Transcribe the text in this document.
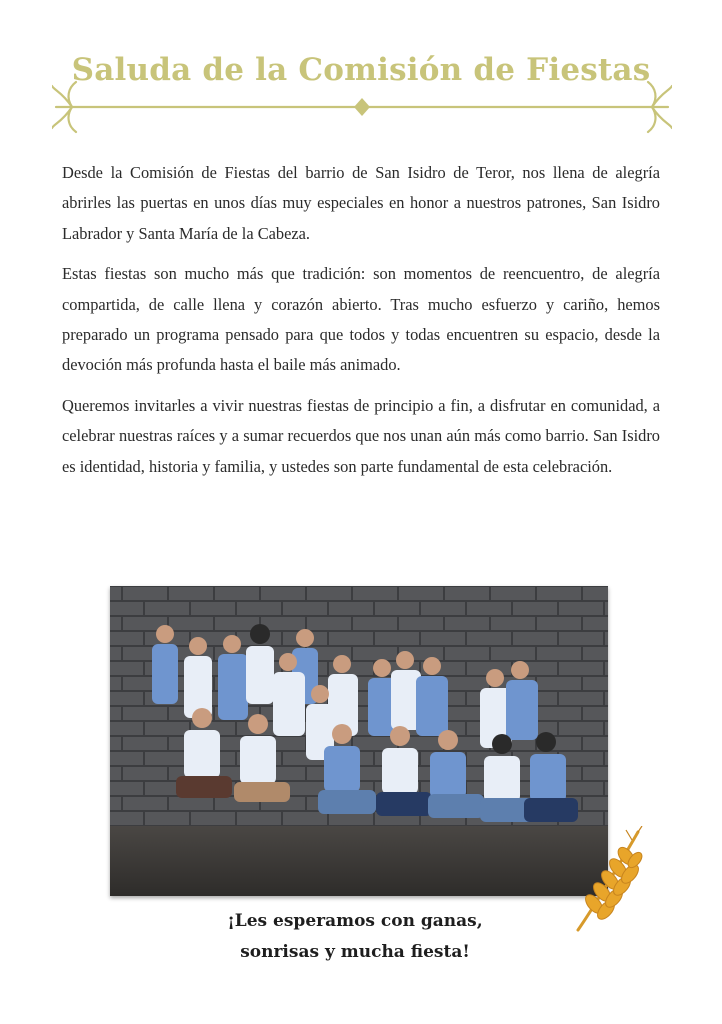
Saluda de la Comisión de Fiestas

Desde la Comisión de Fiestas del barrio de San Isidro de Teror, nos llena de alegría abrirles las puertas en unos días muy especiales en honor a nuestros patrones, San Isidro Labrador y Santa María de la Cabeza.

Estas fiestas son mucho más que tradición: son momentos de reencuentro, de alegría compartida, de calle llena y corazón abierto. Tras mucho esfuerzo y cariño, hemos preparado un programa pensado para que todos y todas encuentren su espacio, desde la devoción más profunda hasta el baile más animado.

Queremos invitarles a vivir nuestras fiestas de principio a fin, a disfrutar en comunidad, a celebrar nuestras raíces y a sumar recuerdos que nos unan aún más como barrio. San Isidro es identidad, historia y familia, y ustedes son parte fundamental de esta celebración.

¡Les esperamos con ganas,
sonrisas y mucha fiesta!
